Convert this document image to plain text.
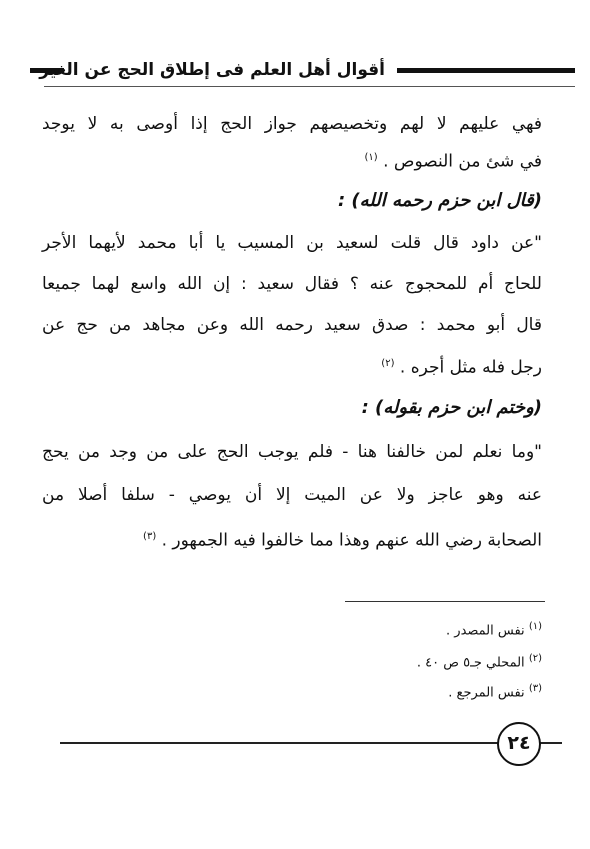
أقوال أهل العلم فى إطلاق الحج عن الغير
فهي عليهم لا لهم وتخصيصهم جواز الحج إذا أوصى به لا يوجد
في شئ من النصوص . $^{(١)}$
(قال ابن حزم رحمه الله) :
"عن داود قال قلت لسعيد بن المسيب يا أبا محمد لأيهما الأجر
للحاج أم للمحجوج عنه ؟ فقال سعيد : إن الله واسع لهما جميعا
قال أبو محمد : صدق سعيد رحمه الله وعن مجاهد من حج عن
رجل فله مثل أجره . $^{(٢)}$
(وختم ابن حزم بقوله) :
"وما نعلم لمن خالفنا هنا - فلم يوجب الحج على من وجد من يحج
عنه وهو عاجز ولا عن الميت إلا أن يوصي - سلفا أصلا من
الصحابة رضي الله عنهم وهذا مما خالفوا فيه الجمهور . $^{(٣)}$
$^{(١)}$ نفس المصدر .
$^{(٢)}$ المحلي جـ٥ ص ٤٠ .
$^{(٣)}$ نفس المرجع .
٢٤
